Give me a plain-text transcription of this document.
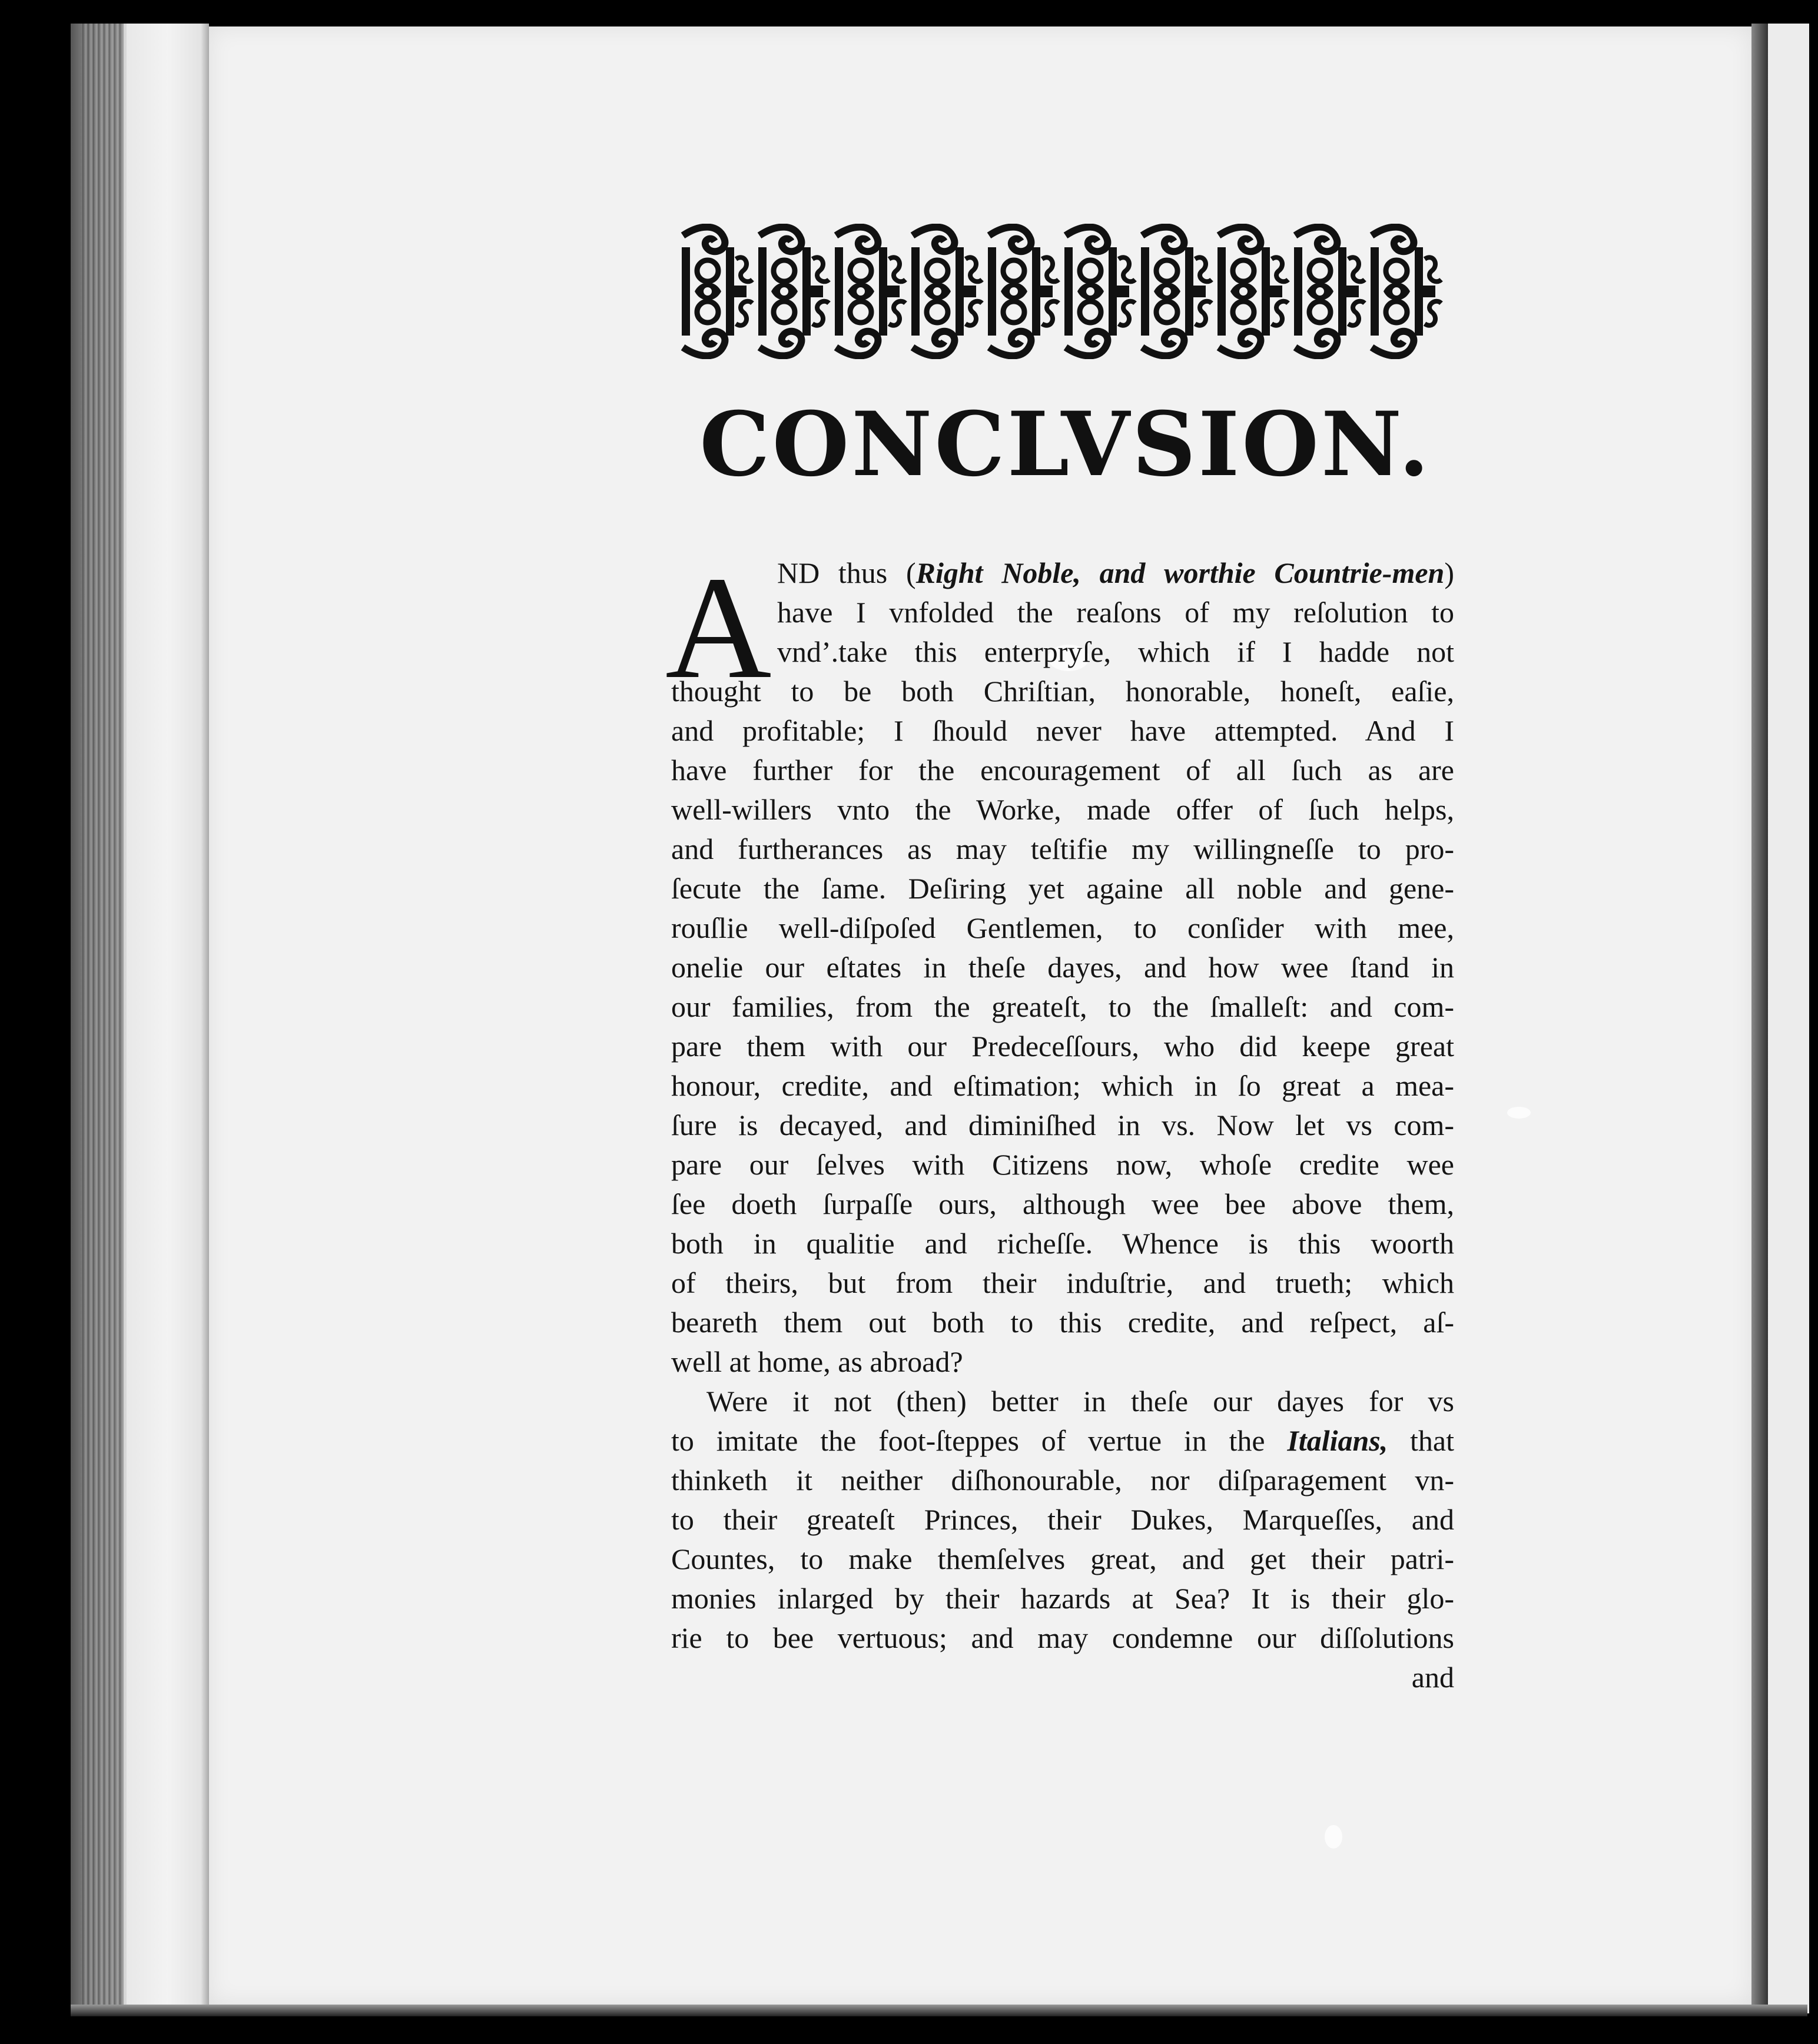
CONCLVSION.
A ND thus (Right Noble, and worthie Countrie-men)
have I vnfolded the reaſons of my reſolution to
vnd’.take this enterpryſe, which if I hadde not
thought to be both Chriſtian, honorable, honeſt, eaſie,
and profitable; I ſhould never have attempted. And I
have further for the encouragement of all ſuch as are
well-willers vnto the Worke, made offer of ſuch helps,
and furtherances as may teſtifie my willingneſſe to pro-
ſecute the ſame. Deſiring yet againe all noble and gene-
rouſlie well-diſpoſed Gentlemen, to conſider with mee,
onelie our eſtates in theſe dayes, and how wee ſtand in
our families, from the greateſt, to the ſmalleſt: and com-
pare them with our Predeceſſours, who did keepe great
honour, credite, and eſtimation; which in ſo great a mea-
ſure is decayed, and diminiſhed in vs. Now let vs com-
pare our ſelves with Citizens now, whoſe credite wee
ſee doeth ſurpaſſe ours, although wee bee above them,
both in qualitie and richeſſe. Whence is this woorth
of theirs, but from their induſtrie, and trueth; which
beareth them out both to this credite, and reſpect, aſ-
well at home, as abroad?
Were it not (then) better in theſe our dayes for vs
to imitate the foot-ſteppes of vertue in the Italians, that
thinketh it neither diſhonourable, nor diſparagement vn-
to their greateſt Princes, their Dukes, Marqueſſes, and
Countes, to make themſelves great, and get their patri-
monies inlarged by their hazards at Sea? It is their glo-
rie to bee vertuous; and may condemne our diſſolutions
and
